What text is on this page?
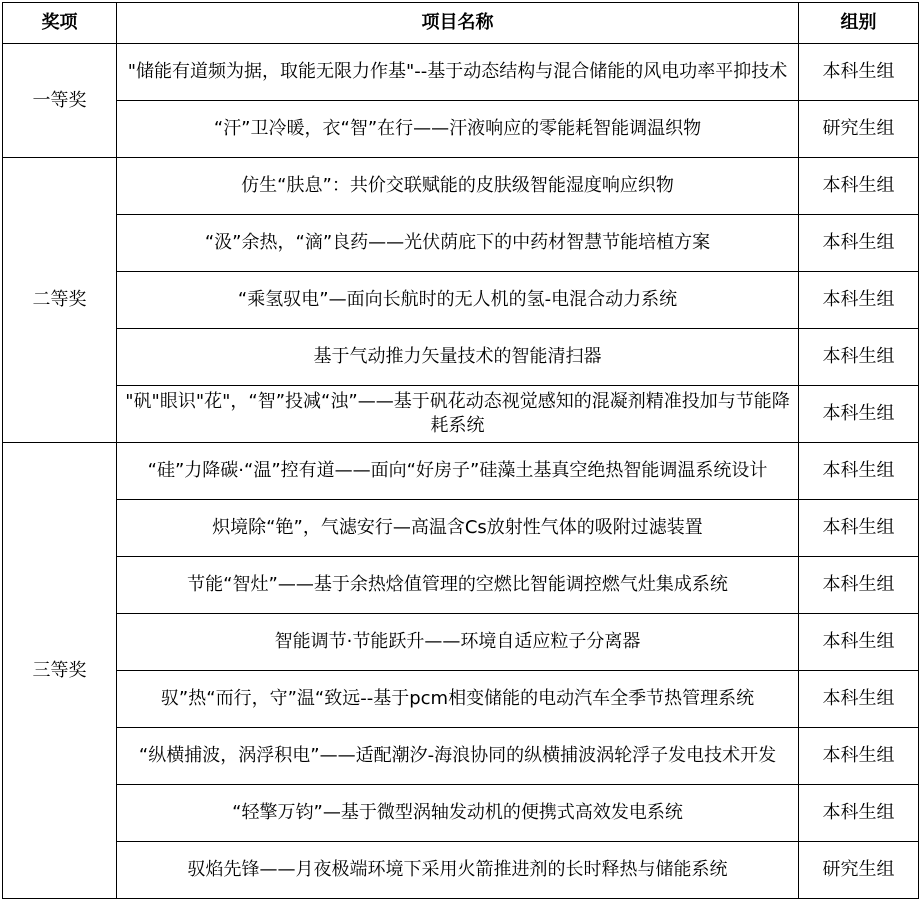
奖项	项目名称	组别
一等奖	"储能有道频为据，取能无限力作基"--基于动态结构与混合储能的风电功率平抑技术	本科生组
	“汗”卫冷暖，衣“智”在行——汗液响应的零能耗智能调温织物	研究生组
二等奖	仿生“肤息”：共价交联赋能的皮肤级智能湿度响应织物	本科生组
	“汲”余热，“滴”良药——光伏荫庇下的中药材智慧节能培植方案	本科生组
	“乘氢驭电”—面向长航时的无人机的氢-电混合动力系统	本科生组
	基于气动推力矢量技术的智能清扫器	本科生组
	"矾"眼识"花"，“智”投减“浊”——基于矾花动态视觉感知的混凝剂精准投加与节能降耗系统	本科生组
三等奖	“硅”力降碳·“温”控有道——面向“好房子”硅藻土基真空绝热智能调温系统设计	本科生组
	炽境除“铯”，气滤安行—高温含Cs放射性气体的吸附过滤装置	本科生组
	节能“智灶”——基于余热焓值管理的空燃比智能调控燃气灶集成系统	本科生组
	智能调节·节能跃升——环境自适应粒子分离器	本科生组
	驭”热“而行，守”温“致远--基于pcm相变储能的电动汽车全季节热管理系统	本科生组
	“纵横捕波，涡浮积电”——适配潮汐-海浪协同的纵横捕波涡轮浮子发电技术开发	本科生组
	“轻擎万钧”—基于微型涡轴发动机的便携式高效发电系统	本科生组
	驭焰先锋——月夜极端环境下采用火箭推进剂的长时释热与储能系统	研究生组
